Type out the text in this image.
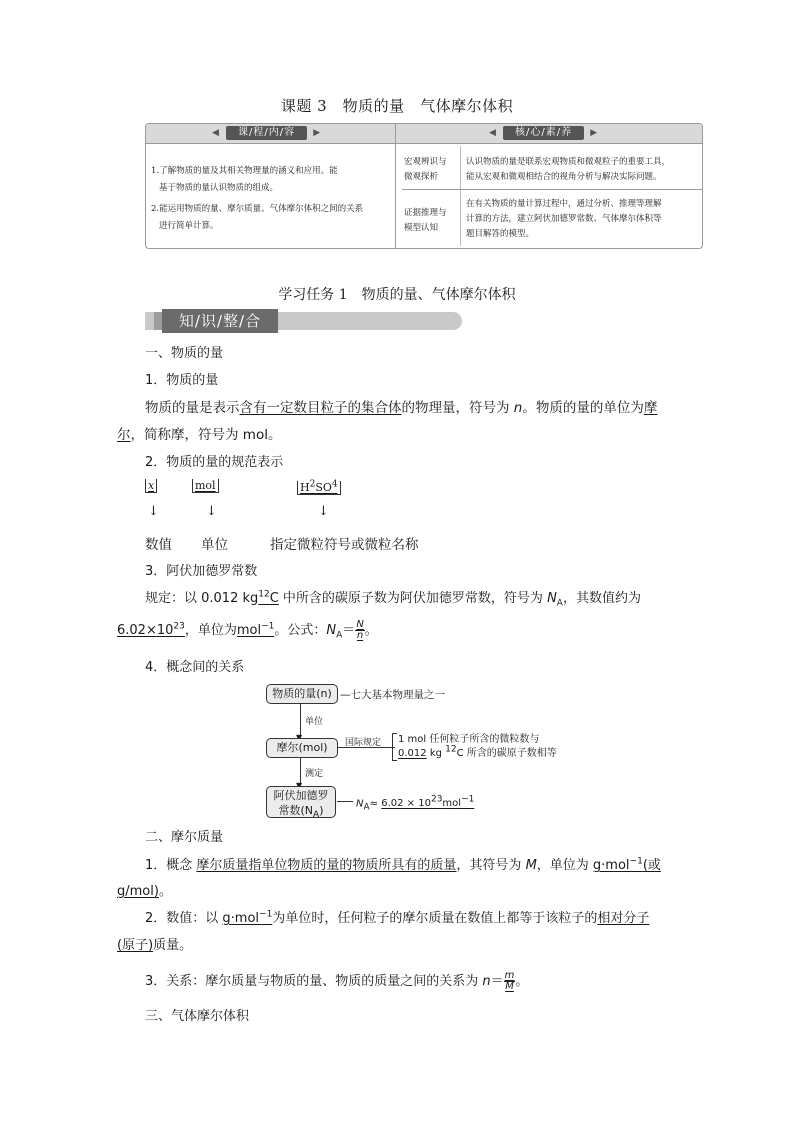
课题 3　物质的量　气体摩尔体积
◀ 课/程/内/容 ▶
◀	核/心/素/养 ▶
1.了解物质的量及其相关物理量的涵义和应用。能
基于物质的量认识物质的组成。
2.能运用物质的量、摩尔质量、气体摩尔体积之间的关系
进行简单计算。
宏观辨识与
微观探析
认识物质的量是联系宏观物质和微观粒子的重要工具，
能从宏观和微观相结合的视角分析与解决实际问题。
证据推理与
模型认知
在有关物质的量计算过程中，通过分析、推理等理解
计算的方法，建立阿伏加德罗常数、气体摩尔体积等
题目解答的模型。
学习任务 1　物质的量、气体摩尔体积
知/识/整/合
一、物质的量
1．物质的量
物质的量是表示含有一定数目粒子的集合体的物理量，符号为 n。物质的量的单位为摩
尔，简称摩，符号为 mol。
2．物质的量的规范表示
x	mol	$H^2SO^4$
↓	↓	↓
数值 单位	指定微粒符号或微粒名称
3．阿伏加德罗常数
规定：以 0.012 $kg^{12}C$ 中所含的碳原子数为阿伏加德罗常数，符号为 $N_A$，其数值约为
$6.02\times 10^{23}$，单位为mol$^{-1}$。公式：$N_A= \frac{N}{n}$ 。
4．概念间的关系
物质的量(n) —七大基本物理量之一
单位
摩尔(mol)	国际规定 1 mol 任何粒子所含的微粒数与
0.012 kg $^{12}$C 所含的碳原子数相等
测定
阿伏加德罗
常数$(N_A)$
$N_A\approx 6.02 \times 10^{23}mol^{-1}$
二、摩尔质量
1．概念 摩尔质量指单位物质的量的物质所具有的质量，其符号为 M，单位为 g·mol$^{-1}$(或
g/mol)。
2．数值：以 g·mol$^{-1}$为单位时，任何粒子的摩尔质量在数值上都等于该粒子的相对分子
(原子)质量。
3．关系：摩尔质量与物质的量、物质的质量之间的关系为 $n= \frac{m}{M}$ 。
三、气体摩尔体积
